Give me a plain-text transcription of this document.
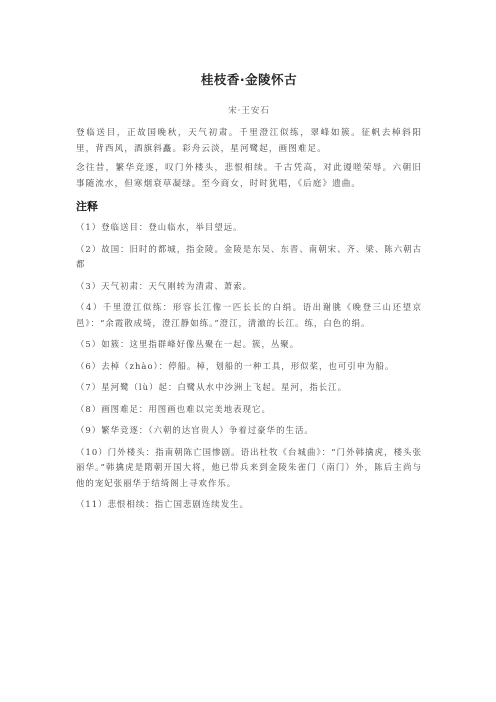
桂枝香·金陵怀古
宋·王安石

登临送目，正故国晚秋，天气初肃。千里澄江似练，翠峰如簇。征帆去棹斜阳里，背西风，酒旗斜矗。彩舟云淡，星河鹭起，画图难足。

念往昔，繁华竞逐，叹门外楼头，悲恨相续。千古凭高，对此谩嗟荣辱。六朝旧事随流水，但寒烟衰草凝绿。至今商女，时时犹唱，《后庭》遗曲。

注释

（1）登临送目：登山临水，举目望远。

（2）故国：旧时的都城，指金陵。金陵是东吴、东晋、南朝宋、齐、梁、陈六朝古都

（3）天气初肃：天气刚转为清肃、萧索。

（4）千里澄江似练：形容长江像一匹长长的白绢。语出谢朓《晚登三山还望京邑》：“余霞散成绮，澄江静如练。”澄江，清澈的长江。练，白色的绢。

（5）如簇：这里指群峰好像丛聚在一起。簇，丛聚。

（6）去棹（zhào）：停船。棹，划船的一种工具，形似桨，也可引申为船。

（7）星河鹭（lù）起：白鹭从水中沙洲上飞起。星河，指长江。

（8）画图难足：用图画也难以完美地表现它。

（9）繁华竞逐：（六朝的达官贵人）争着过豪华的生活。

（10）门外楼头：指南朝陈亡国惨剧。语出杜牧《台城曲》：“门外韩擒虎，楼头张丽华。”韩擒虎是隋朝开国大将，他已带兵来到金陵朱雀门（南门）外，陈后主尚与他的宠妃张丽华于结绮阁上寻欢作乐。

（11）悲恨相续：指亡国悲剧连续发生。
